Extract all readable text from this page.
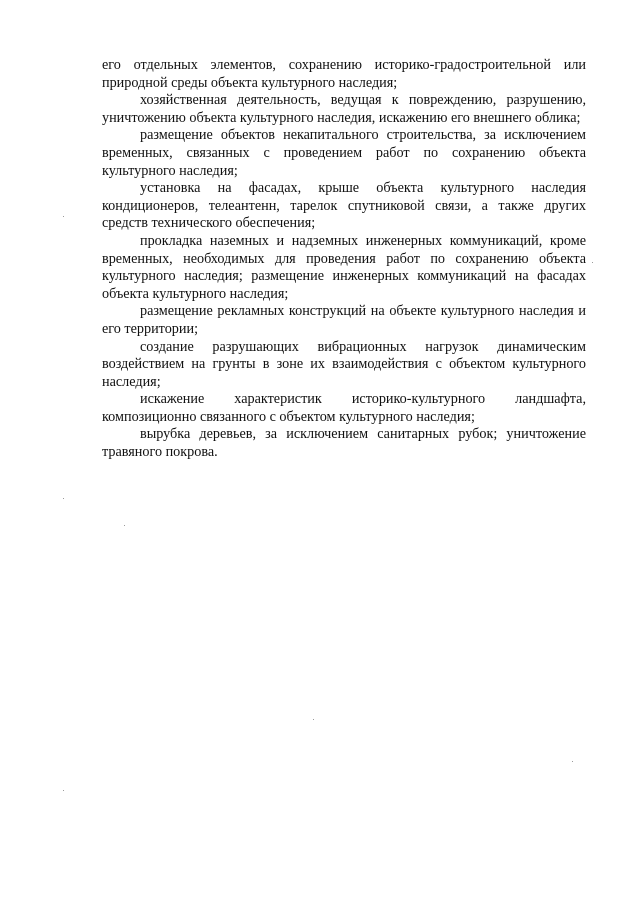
его отдельных элементов, сохранению историко-градостроительной или природной среды объекта культурного наследия;

хозяйственная деятельность, ведущая к повреждению, разрушению, уничтожению объекта культурного наследия, искажению его внешнего облика;

размещение объектов некапитального строительства, за исключением временных, связанных с проведением работ по сохранению объекта культурного наследия;

установка на фасадах, крыше объекта культурного наследия кондиционеров, телеантенн, тарелок спутниковой связи, а также других средств технического обеспечения;

прокладка наземных и надземных инженерных коммуникаций, кроме временных, необходимых для проведения работ по сохранению объекта культурного наследия; размещение инженерных коммуникаций на фасадах объекта культурного наследия;

размещение рекламных конструкций на объекте культурного наследия и его территории;

создание разрушающих вибрационных нагрузок динамическим воздействием на грунты в зоне их взаимодействия с объектом культурного наследия;

искажение характеристик историко-культурного ландшафта, композиционно связанного с объектом культурного наследия;

вырубка деревьев, за исключением санитарных рубок; уничтожение травяного покрова.
